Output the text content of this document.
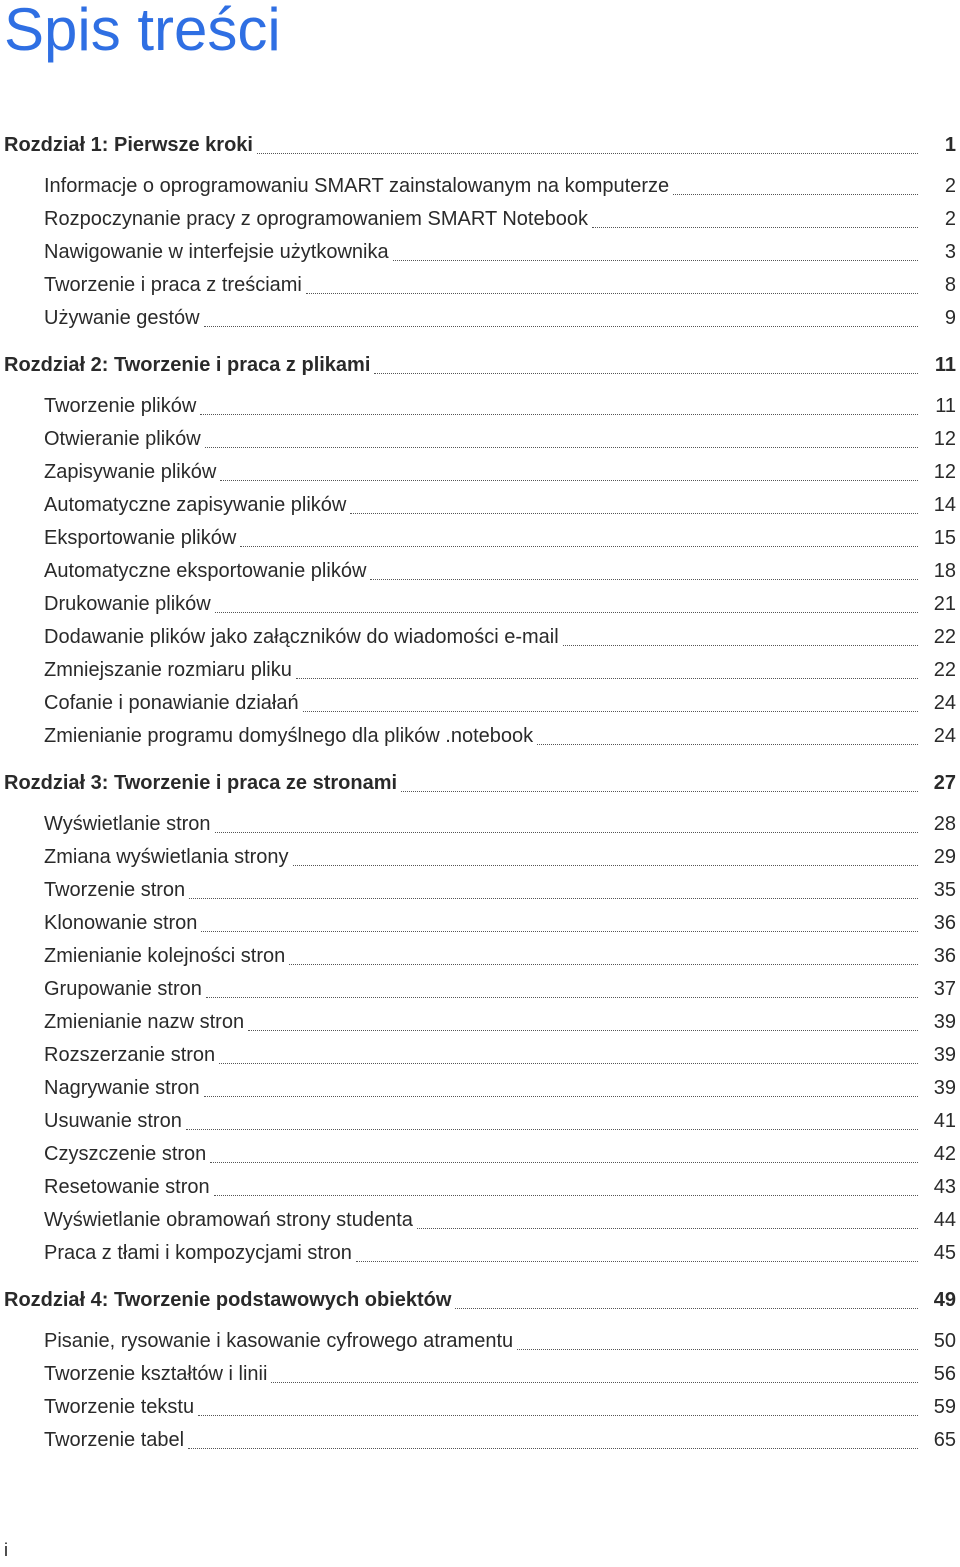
Spis treści
Rozdział 1: Pierwsze kroki	1
Informacje o oprogramowaniu SMART zainstalowanym na komputerze	2
Rozpoczynanie pracy z oprogramowaniem SMART Notebook	2
Nawigowanie w interfejsie użytkownika	3
Tworzenie i praca z treściami	8
Używanie gestów	9
Rozdział 2: Tworzenie i praca z plikami	11
Tworzenie plików	11
Otwieranie plików	12
Zapisywanie plików	12
Automatyczne zapisywanie plików	14
Eksportowanie plików	15
Automatyczne eksportowanie plików	18
Drukowanie plików	21
Dodawanie plików jako załączników do wiadomości e-mail	22
Zmniejszanie rozmiaru pliku	22
Cofanie i ponawianie działań	24
Zmienianie programu domyślnego dla plików .notebook	24
Rozdział 3: Tworzenie i praca ze stronami	27
Wyświetlanie stron	28
Zmiana wyświetlania strony	29
Tworzenie stron	35
Klonowanie stron	36
Zmienianie kolejności stron	36
Grupowanie stron	37
Zmienianie nazw stron	39
Rozszerzanie stron	39
Nagrywanie stron	39
Usuwanie stron	41
Czyszczenie stron	42
Resetowanie stron	43
Wyświetlanie obramowań strony studenta	44
Praca z tłami i kompozycjami stron	45
Rozdział 4: Tworzenie podstawowych obiektów	49
Pisanie, rysowanie i kasowanie cyfrowego atramentu	50
Tworzenie kształtów i linii	56
Tworzenie tekstu	59
Tworzenie tabel	65
i
